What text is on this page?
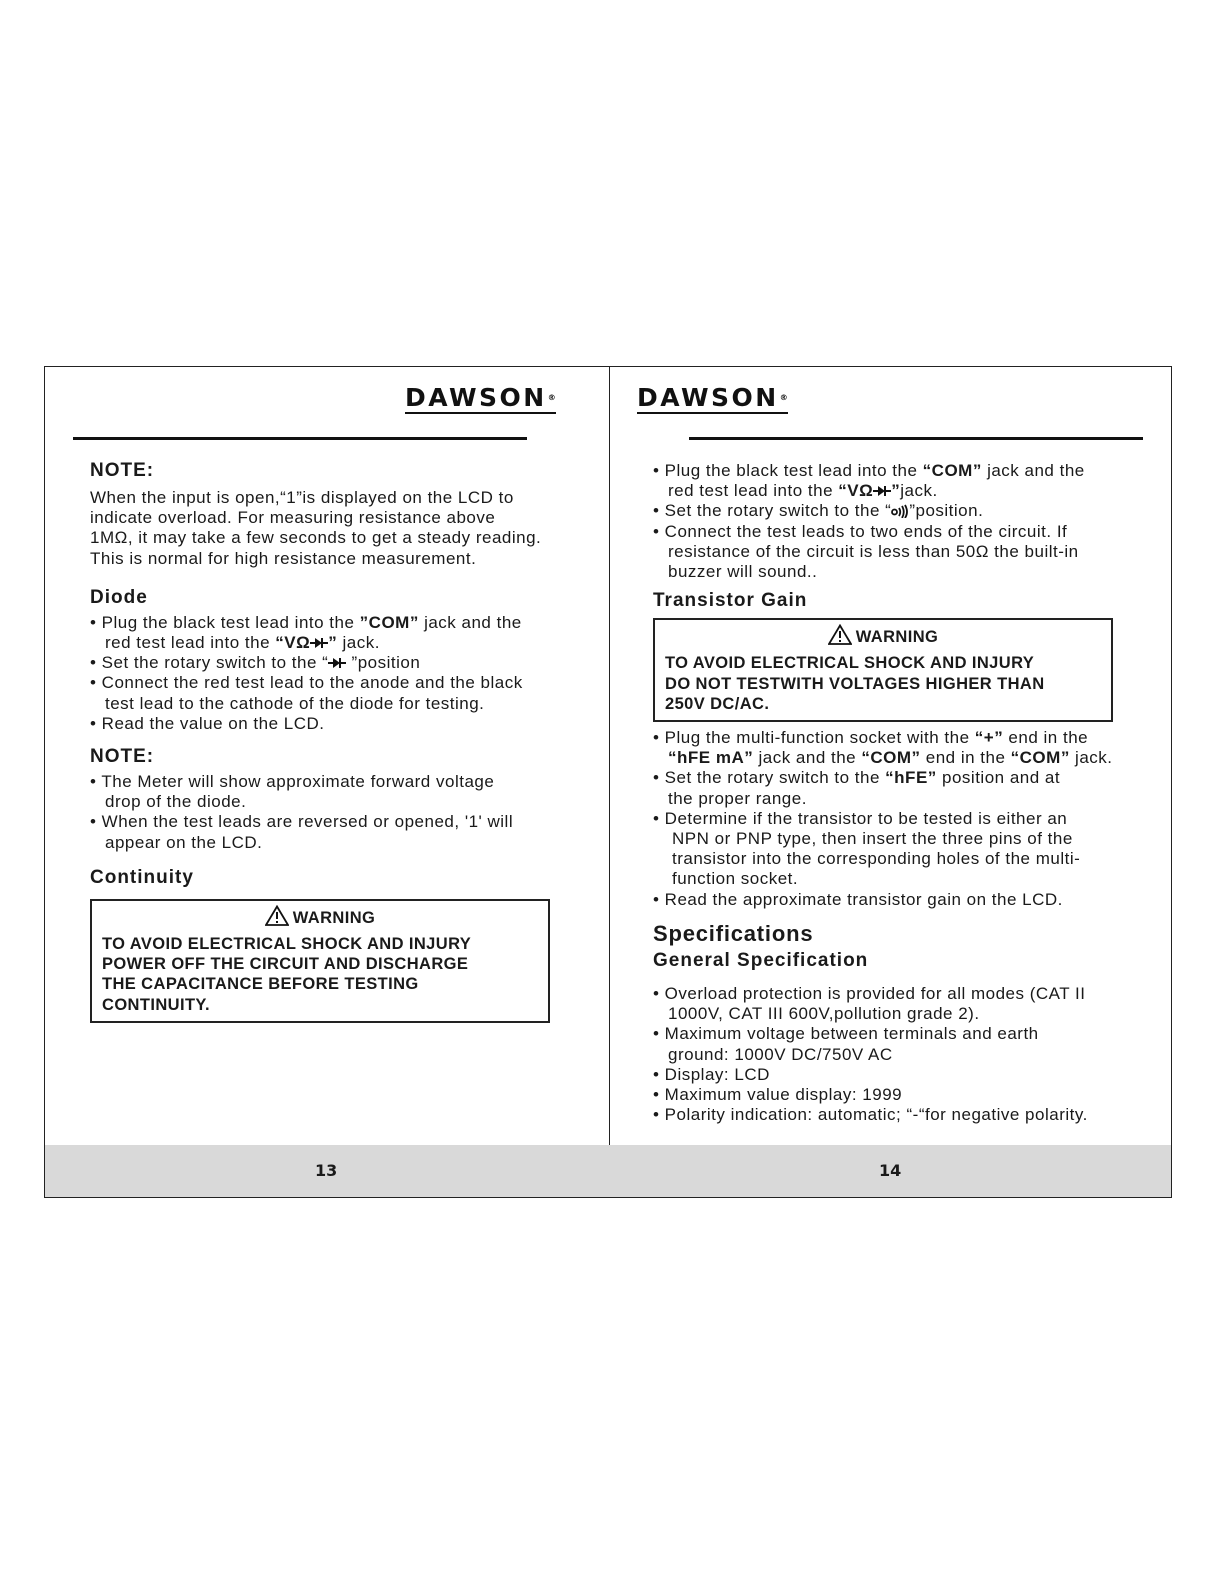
DAWSON®

NOTE:

When the input is open,“1”is displayed on the LCD to

indicate overload. For measuring resistance above

1MΩ, it may take a few seconds to get a steady reading.

This is normal for high resistance measurement.

Diode

• Plug the black test lead into the ”COM” jack and the

red test lead into the “VΩ ” jack.

• Set the rotary switch to the “ ”position

• Connect the red test lead to the anode and the black

test lead to the cathode of the diode for testing.

• Read the value on the LCD.

NOTE:

• The Meter will show approximate forward voltage

drop of the diode.

• When the test leads are reversed or opened, '1' will

appear on the LCD.

Continuity

WARNING

TO AVOID ELECTRICAL SHOCK AND INJURY

POWER OFF THE CIRCUIT AND DISCHARGE

THE CAPACITANCE BEFORE TESTING

CONTINUITY.

DAWSON®

• Plug the black test lead into the “COM” jack and the

red test lead into the “VΩ ”jack.

• Set the rotary switch to the “ ”position.

• Connect the test leads to two ends of the circuit. If

resistance of the circuit is less than 50Ω the built-in

buzzer will sound..

Transistor Gain

WARNING

TO AVOID ELECTRICAL SHOCK AND INJURY

DO NOT TESTWITH VOLTAGES HIGHER THAN

250V DC/AC.

• Plug the multi-function socket with the “+” end in the

“hFE mA” jack and the “COM” end in the “COM” jack.

• Set the rotary switch to the “hFE” position and at

the proper range.

• Determine if the transistor to be tested is either an

NPN or PNP type, then insert the three pins of the

transistor into the corresponding holes of the multi-

function socket.

• Read the approximate transistor gain on the LCD.

Specifications

General Specification

• Overload protection is provided for all modes (CAT II

1000V, CAT III 600V,pollution grade 2).

• Maximum voltage between terminals and earth

ground: 1000V DC/750V AC

• Display: LCD

• Maximum value display: 1999

• Polarity indication: automatic; “-“for negative polarity.

13	14
